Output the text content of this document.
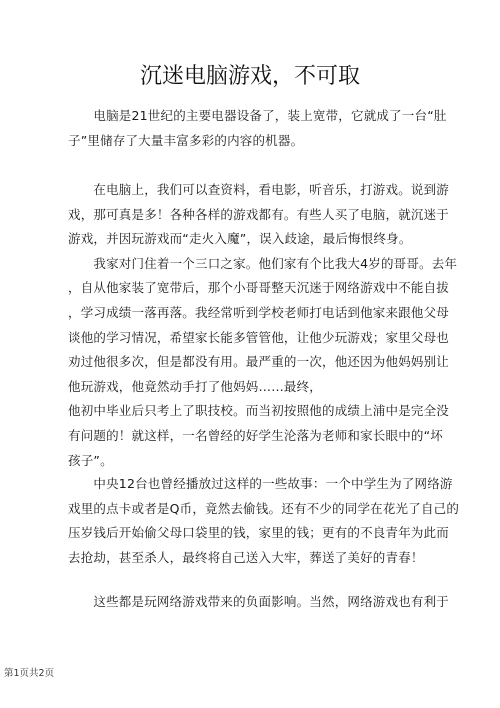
沉迷电脑游戏，不可取

　　电脑是21世纪的主要电器设备了，装上宽带，它就成了一台“肚
子”里储存了大量丰富多彩的内容的机器。

　　在电脑上，我们可以查资料，看电影，听音乐，打游戏。说到游
戏，那可真是多！各种各样的游戏都有。有些人买了电脑，就沉迷于
游戏，并因玩游戏而“走火入魔”，误入歧途，最后悔恨终身。
　　我家对门住着一个三口之家。他们家有个比我大4岁的哥哥。去年
，自从他家装了宽带后，那个小哥哥整天沉迷于网络游戏中不能自拔
，学习成绩一落再落。我经常听到学校老师打电话到他家来跟他父母
谈他的学习情况，希望家长能多管管他，让他少玩游戏；家里父母也
劝过他很多次，但是都没有用。最严重的一次，他还因为他妈妈别让
他玩游戏，他竟然动手打了他妈妈……最终，
他初中毕业后只考上了职技校。而当初按照他的成绩上浦中是完全没
有问题的！就这样，一名曾经的好学生沦落为老师和家长眼中的“坏
孩子”。

　　中央12台也曾经播放过这样的一些故事：一个中学生为了网络游
戏里的点卡或者是Q币，竟然去偷钱。还有不少的同学在花光了自己的
压岁钱后开始偷父母口袋里的钱，家里的钱；更有的不良青年为此而
去抢劫，甚至杀人，最终将自己送入大牢，葬送了美好的青春！

　　这些都是玩网络游戏带来的负面影响。当然，网络游戏也有利于

第1页共2页
